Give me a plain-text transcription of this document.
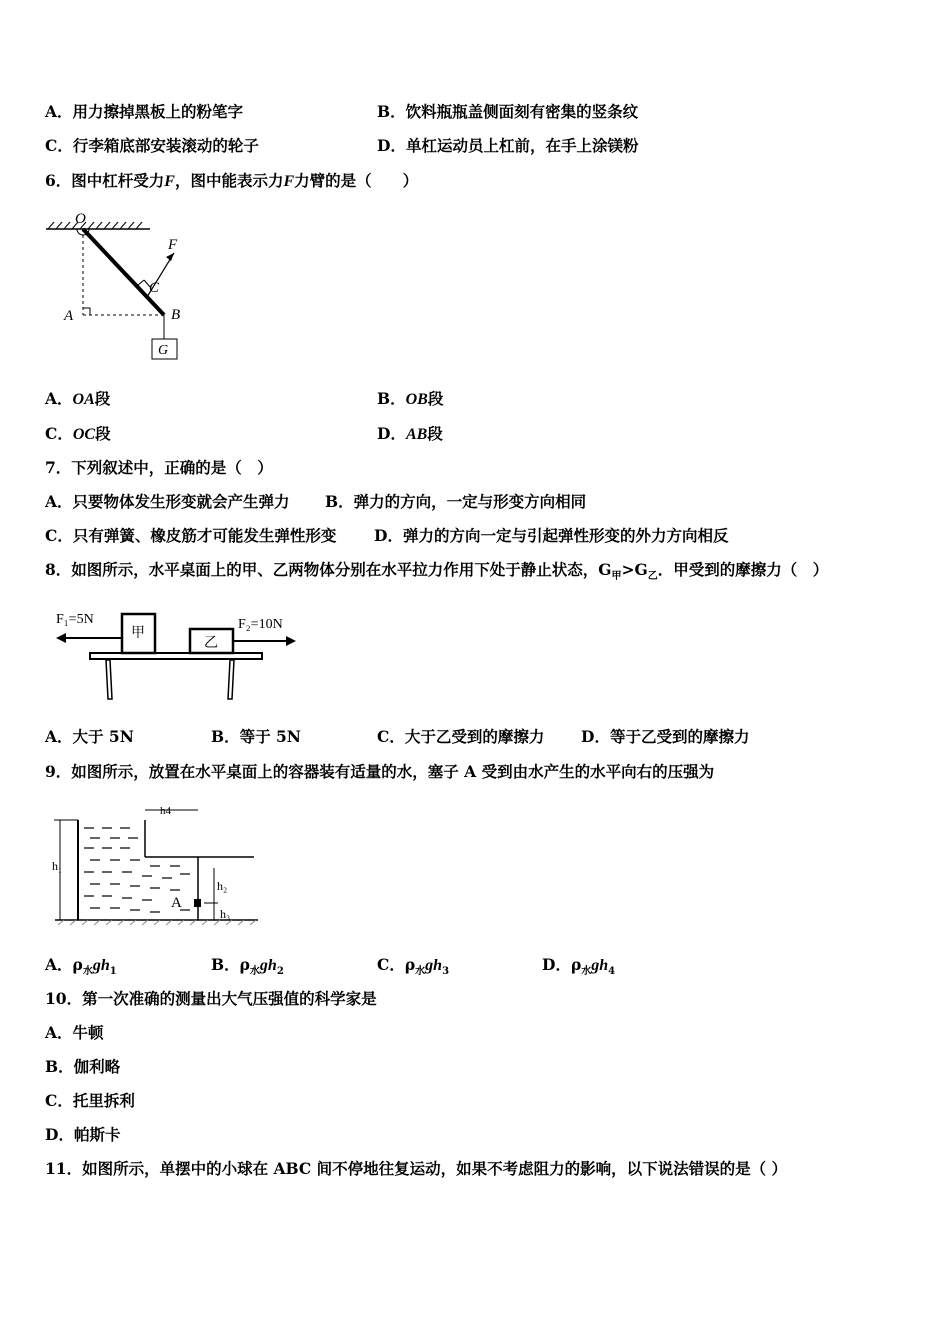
A．用力擦掉黑板上的粉笔字	B．饮料瓶瓶盖侧面刻有密集的竖条纹
C．行李箱底部安装滚动的轮子	D．单杠运动员上杠前，在手上涂镁粉
6．图中杠杆受力F，图中能表示力F力臂的是（　　）
O
F
C
A	B
G
A．OA段	B．OB段
C．OC段	D．AB段
7．下列叙述中，正确的是（　）
A．只要物体发生形变就会产生弹力 B．弹力的方向，一定与形变方向相同
C．只有弹簧、橡皮筋才可能发生弹性形变 D．弹力的方向一定与引起弹性形变的外力方向相反
8．如图所示，水平桌面上的甲、乙两物体分别在水平拉力作用下处于静止状态，$G_甲>G_乙$．甲受到的摩擦力（　）
F₁=5N	F₂=10N
甲
乙
A．大于 5N	B．等于 5N	C．大于乙受到的摩擦力 D．等于乙受到的摩擦力
9．如图所示，放置在水平桌面上的容器装有适量的水，塞子 A 受到由水产生的水平向右的压强为
h4
h₁
h₂
h₃
A
A．$\rho_水gh_1$	B．$\rho_水gh_2$	C．$\rho_水gh_3$	D．$\rho_水gh_4$
10．第一次准确的测量出大气压强值的科学家是
A．牛顿
B．伽利略
C．托里拆利
D．帕斯卡
11．如图所示，单摆中的小球在 ABC 间不停地往复运动，如果不考虑阻力的影响，以下说法错误的是（ ）
